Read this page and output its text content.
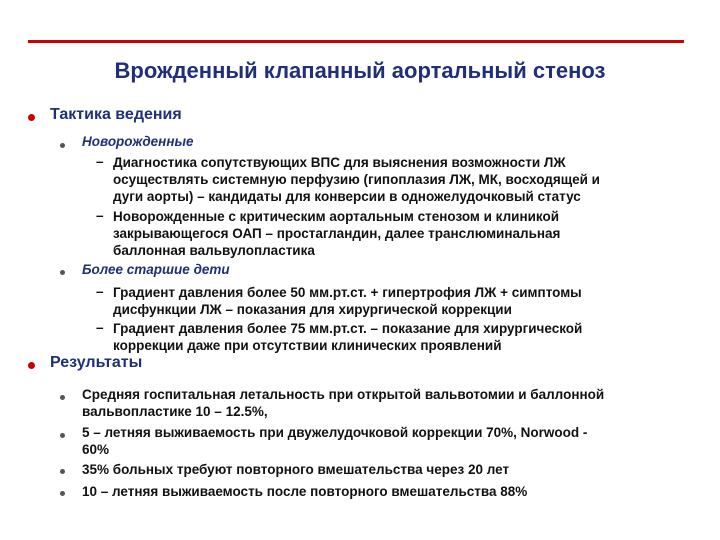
Врожденный клапанный аортальный стеноз

Тактика ведения

Новорожденные

– Диагностика сопутствующих ВПС для выяснения возможности ЛЖ

осуществлять системную перфузию (гипоплазия ЛЖ, МК, восходящей и

дуги аорты) – кандидаты для конверсии в одножелудочковый статус

– Новорожденные с критическим аортальным стенозом и клиникой

закрывающегося ОАП – простагландин, далее транслюминальная

баллонная вальвулопластика

Более старшие дети

– Градиент давления более 50 мм.рт.ст. + гипертрофия ЛЖ + симптомы

дисфункции ЛЖ – показания для хирургической коррекции

– Градиент давления более 75 мм.рт.ст. – показание для хирургической

коррекции даже при отсутствии клинических проявлений

Результаты

Средняя госпитальная летальность при открытой вальвотомии и баллонной

вальвопластике 10 – 12.5%,

5 – летняя выживаемость при двужелудочковой коррекции 70%, Norwood -

60%

35% больных требуют повторного вмешательства через 20 лет

10 – летняя выживаемость после повторного вмешательства 88%
